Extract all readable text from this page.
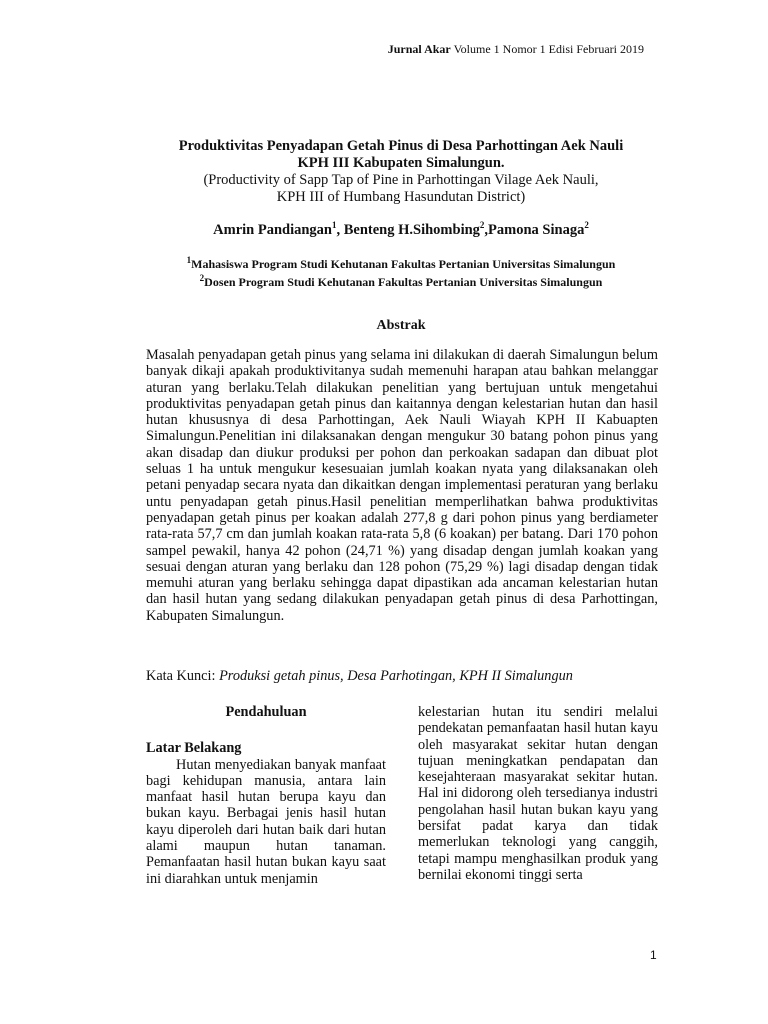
Jurnal Akar Volume 1 Nomor 1 Edisi Februari 2019
Produktivitas Penyadapan Getah Pinus di Desa Parhottingan Aek Nauli
KPH III Kabupaten Simalungun.
(Productivity of Sapp Tap of Pine in Parhottingan Vilage Aek Nauli,
KPH III of Humbang Hasundutan District)
Amrin Pandiangan$^1$, Benteng H.Sihombing$^2$,Pamona Sinaga$^2$
$^1$Mahasiswa Program Studi Kehutanan Fakultas Pertanian Universitas Simalungun
$^2$Dosen Program Studi Kehutanan Fakultas Pertanian Universitas Simalungun
Abstrak

Masalah penyadapan getah pinus yang selama ini dilakukan di daerah Simalungun belum banyak dikaji apakah produktivitanya sudah memenuhi harapan atau bahkan melanggar aturan yang berlaku.Telah dilakukan penelitian yang bertujuan untuk mengetahui produktivitas penyadapan getah pinus dan kaitannya dengan kelestarian hutan dan hasil hutan khususnya di desa Parhottingan, Aek Nauli Wiayah KPH II Kabuapten Simalungun.Penelitian ini dilaksanakan dengan mengukur 30 batang pohon pinus yang akan disadap dan diukur produksi per pohon dan perkoakan sadapan dan dibuat plot seluas 1 ha untuk mengukur kesesuaian jumlah koakan nyata yang dilaksanakan oleh petani penyadap secara nyata dan dikaitkan dengan implementasi peraturan yang berlaku untu penyadapan getah pinus.Hasil penelitian memperlihatkan bahwa produktivitas penyadapan getah pinus per koakan adalah 277,8 g dari pohon pinus yang berdiameter rata-rata 57,7 cm dan jumlah koakan rata-rata 5,8 (6 koakan) per batang. Dari 170 pohon sampel pewakil, hanya 42 pohon (24,71 %) yang disadap dengan jumlah koakan yang sesuai dengan aturan yang berlaku dan 128 pohon (75,29 %) lagi disadap dengan tidak memuhi aturan yang berlaku sehingga dapat dipastikan ada ancaman kelestarian hutan dan hasil hutan yang sedang dilakukan penyadapan getah pinus di desa Parhottingan, Kabupaten Simalungun.

Kata Kunci: Produksi getah pinus, Desa Parhotingan, KPH II Simalungun

Pendahuluan

Latar Belakang

Hutan menyediakan banyak manfaat bagi kehidupan manusia, antara lain manfaat hasil hutan berupa kayu dan bukan kayu. Berbagai jenis hasil hutan kayu diperoleh dari hutan baik dari hutan alami maupun hutan tanaman. Pemanfaatan hasil hutan bukan kayu saat ini diarahkan untuk menjamin

kelestarian hutan itu sendiri melalui pendekatan pemanfaatan hasil hutan kayu oleh masyarakat sekitar hutan dengan tujuan meningkatkan pendapatan dan kesejahteraan masyarakat sekitar hutan. Hal ini didorong oleh tersedianya industri pengolahan hasil hutan bukan kayu yang bersifat padat karya dan tidak memerlukan teknologi yang canggih, tetapi mampu menghasilkan produk yang bernilai ekonomi tinggi serta

1
